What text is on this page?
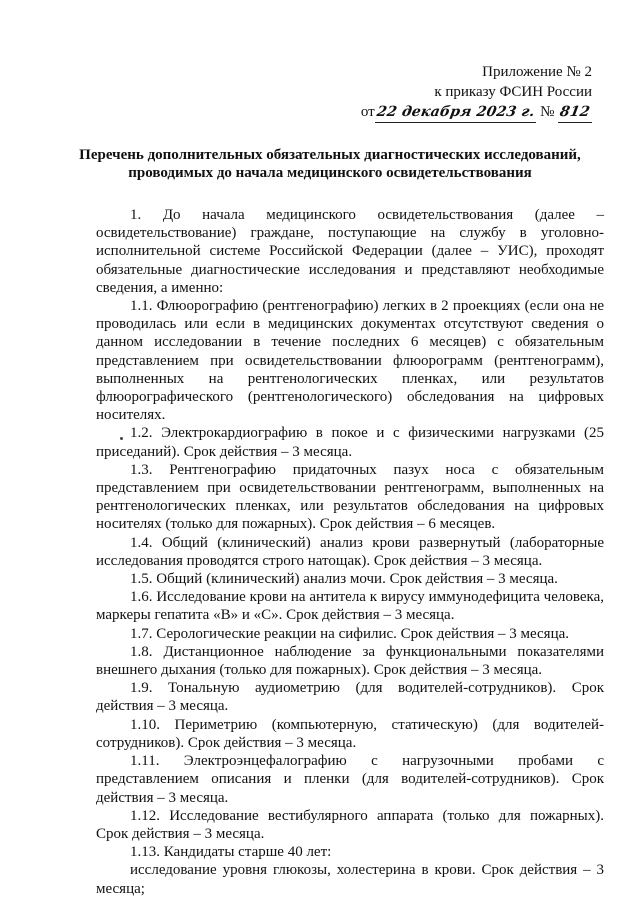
Приложение № 2
к приказу ФСИН России
от22 декабря 2023 г. № 812
Перечень дополнительных обязательных диагностических исследований,
проводимых до начала медицинского освидетельствования

1. До начала медицинского освидетельствования (далее – освидетельствование) граждане, поступающие на службу в уголовно-исполнительной системе Российской Федерации (далее – УИС), проходят обязательные диагностические исследования и представляют необходимые сведения, а именно:

1.1. Флюорографию (рентгенографию) легких в 2 проекциях (если она не проводилась или если в медицинских документах отсутствуют сведения о данном исследовании в течение последних 6 месяцев) с обязательным представлением при освидетельствовании флюорограмм (рентгенограмм), выполненных на рентгенологических пленках, или результатов флюорографического (рентгенологического) обследования на цифровых носителях.

1.2. Электрокардиографию в покое и с физическими нагрузками (25 приседаний). Срок действия – 3 месяца.

1.3. Рентгенографию придаточных пазух носа с обязательным представлением при освидетельствовании рентгенограмм, выполненных на рентгенологических пленках, или результатов обследования на цифровых носителях (только для пожарных). Срок действия – 6 месяцев.

1.4. Общий (клинический) анализ крови развернутый (лабораторные исследования проводятся строго натощак). Срок действия – 3 месяца.

1.5. Общий (клинический) анализ мочи. Срок действия – 3 месяца.

1.6. Исследование крови на антитела к вирусу иммунодефицита человека, маркеры гепатита «В» и «С». Срок действия – 3 месяца.

1.7. Серологические реакции на сифилис. Срок действия – 3 месяца.

1.8. Дистанционное наблюдение за функциональными показателями внешнего дыхания (только для пожарных). Срок действия – 3 месяца.

1.9. Тональную аудиометрию (для водителей-сотрудников). Срок действия – 3 месяца.

1.10. Периметрию (компьютерную, статическую) (для водителей-сотрудников). Срок действия – 3 месяца.

1.11. Электроэнцефалографию с нагрузочными пробами с представлением описания и пленки (для водителей-сотрудников). Срок действия – 3 месяца.

1.12. Исследование вестибулярного аппарата (только для пожарных). Срок действия – 3 месяца.

1.13. Кандидаты старше 40 лет:

исследование уровня глюкозы, холестерина в крови. Срок действия – 3 месяца;
